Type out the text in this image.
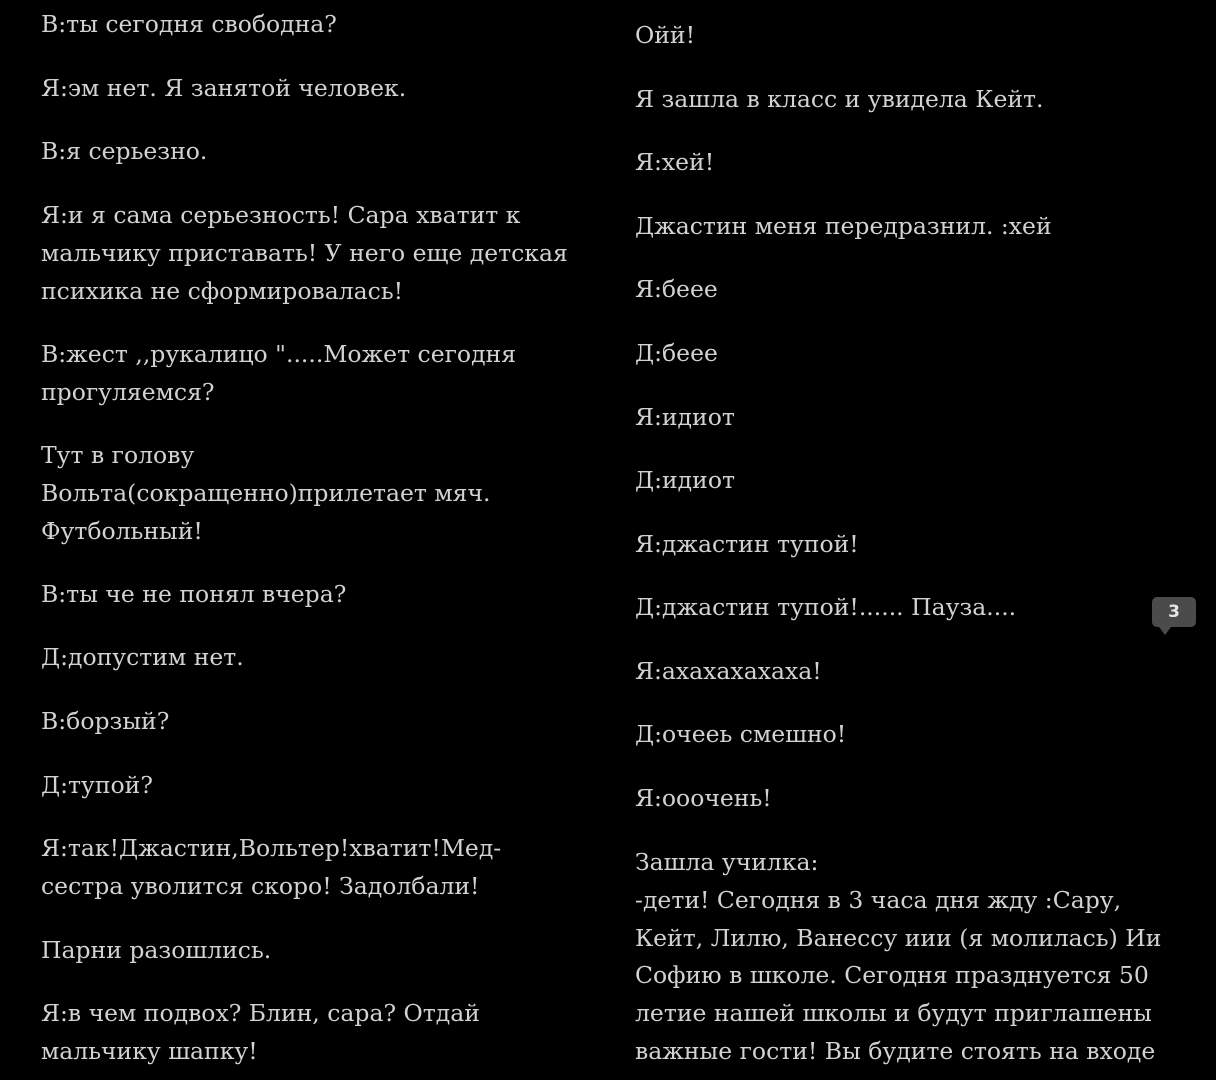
В:ты сегодня свободна?

Я:эм нет. Я занятой человек.

В:я серьезно.

Я:и я сама серьезность! Сара хватит к
мальчику приставать! У него еще детская
психика не сформировалась!

В:жест ,,рукалицо ".....Может сегодня
прогуляемся?

Тут в голову
Вольта(сокращенно)прилетает мяч.
Футбольный!

В:ты че не понял вчера?

Д:допустим нет.

В:борзый?

Д:тупой?

Я:так!Джастин,Вольтер!хватит!Мед-
сестра уволится скоро! Задолбали!

Парни разошлись.

Я:в чем подвох? Блин, сара? Отдай
мальчику шапку!

Ойй!

Я зашла в класс и увидела Кейт.

Я:хей!

Джастин меня передразнил. :хей

Я:беее

Д:беее

Я:идиот

Д:идиот

Я:джастин тупой!

Д:джастин тупой!...... Пауза....

Я:ахахахахаха!

Д:очееь смешно!

Я:ооочень!

Зашла училка:
-дети! Сегодня в 3 часа дня жду :Сару,
Кейт, Лилю, Ванессу иии (я молилась) Ии
Софию в школе. Сегодня празднуется 50
летие нашей школы и будут приглашены
важные гости! Вы будите стоять на входе

3
